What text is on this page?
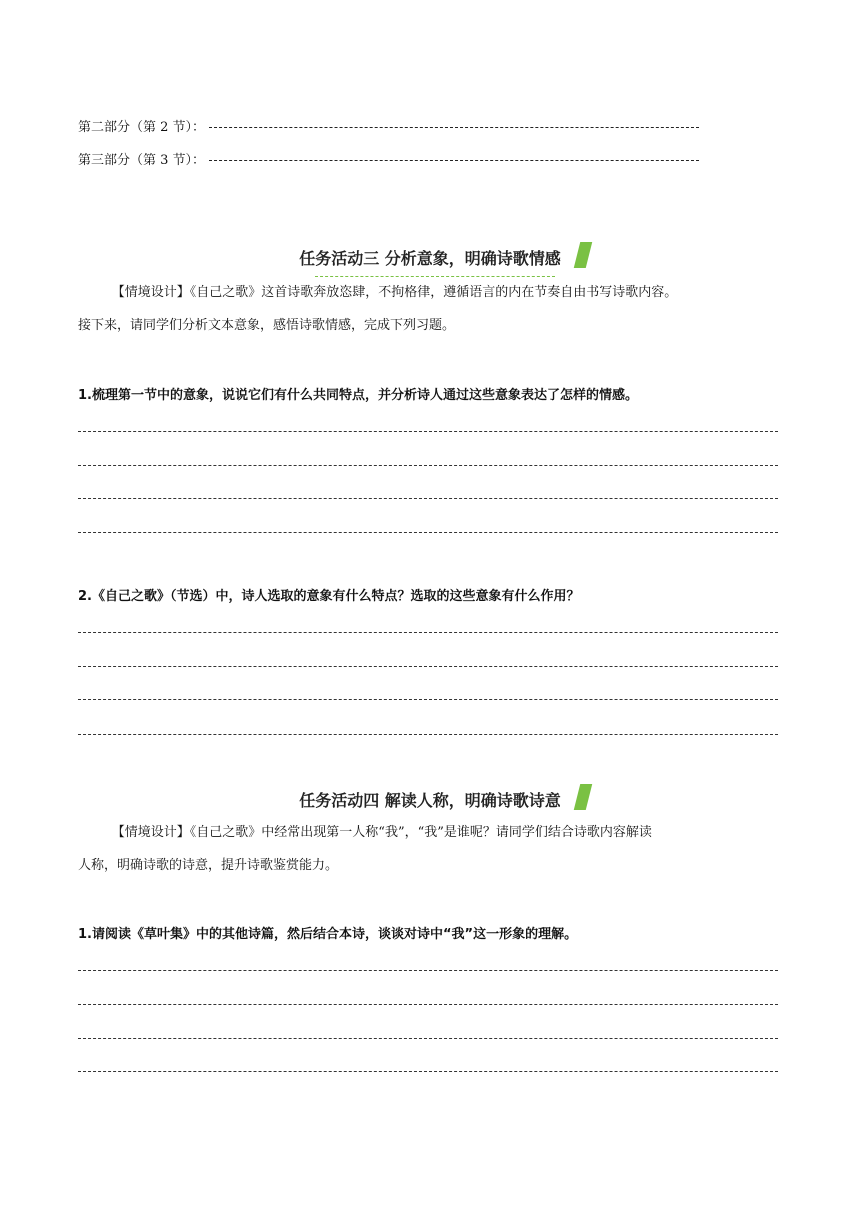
第二部分（第 2 节）：
第三部分（第 3 节）：
任务活动三 分析意象，明确诗歌情感
【情境设计】《自己之歌》这首诗歌奔放恣肆，不拘格律，遵循语言的内在节奏自由书写诗歌内容。
接下来，请同学们分析文本意象，感悟诗歌情感，完成下列习题。
1.梳理第一节中的意象，说说它们有什么共同特点，并分析诗人通过这些意象表达了怎样的情感。
2.《自己之歌》（节选）中，诗人选取的意象有什么特点？选取的这些意象有什么作用？
任务活动四 解读人称，明确诗歌诗意
【情境设计】《自己之歌》中经常出现第一人称“我”，“我”是谁呢？请同学们结合诗歌内容解读
人称，明确诗歌的诗意，提升诗歌鉴赏能力。
1.请阅读《草叶集》中的其他诗篇，然后结合本诗，谈谈对诗中“我”这一形象的理解。
